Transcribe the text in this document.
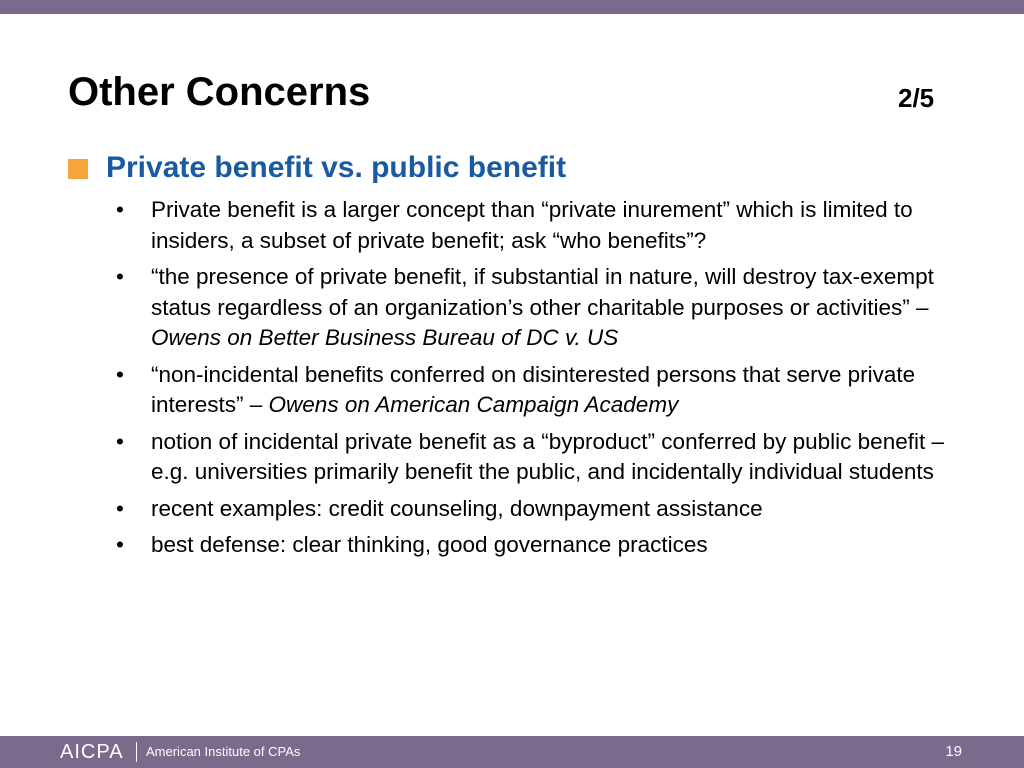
Other Concerns	2/5
Private benefit vs. public benefit
• Private benefit is a larger concept than “private inurement” which is limited to insiders, a subset of private benefit; ask “who benefits”?
• “the presence of private benefit, if substantial in nature, will destroy tax-exempt status regardless of an organization’s other charitable purposes or activities” – Owens on Better Business Bureau of DC v. US
• “non-incidental benefits conferred on disinterested persons that serve private interests” – Owens on American Campaign Academy
• notion of incidental private benefit as a “byproduct” conferred by public benefit – e.g. universities primarily benefit the public, and incidentally individual students
• recent examples: credit counseling, downpayment assistance
• best defense: clear thinking, good governance practices
AICPA American Institute of CPAs	19
